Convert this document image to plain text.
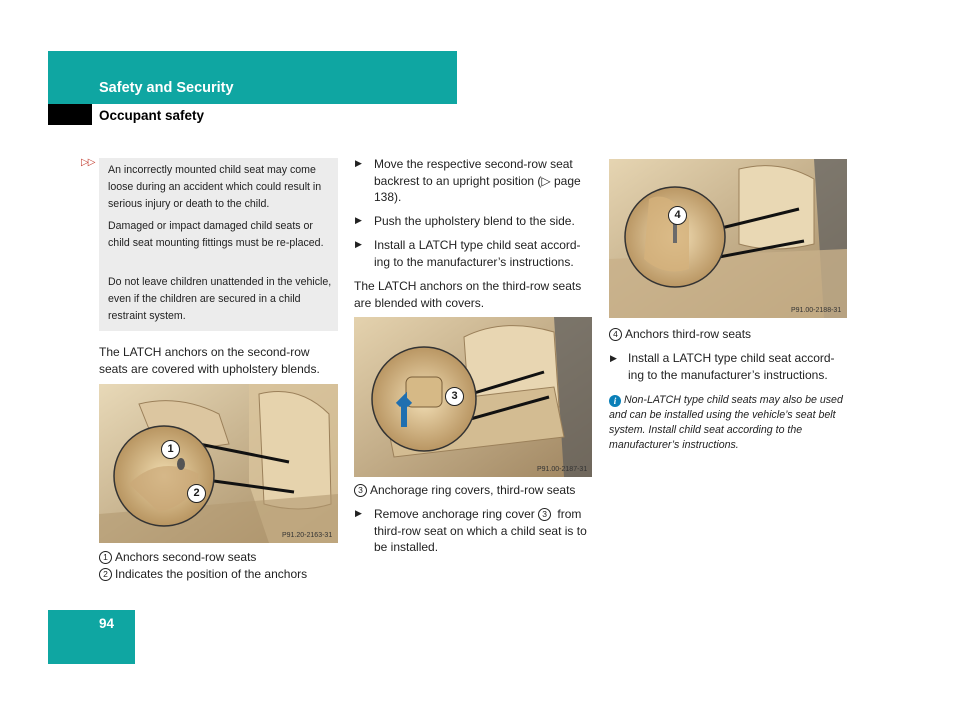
Safety and Security
Occupant safety
▷▷

An incorrectly mounted child seat may come loose during an accident which could result in serious injury or death to the child.

Damaged or impact damaged child seats or child seat mounting fittings must be re-placed.

Do not leave children unattended in the vehicle, even if the children are secured in a child restraint system.

The LATCH anchors on the second-row seats are covered with upholstery blends.
1
2
P91.20-2163-31
1 Anchors second-row seats
2 Indicates the position of the anchors
▶ Move the respective second-row seat backrest to an upright position (▷ page 138).
▶ Push the upholstery blend to the side.
▶ Install a LATCH type child seat accord-ing to the manufacturer’s instructions.
The LATCH anchors on the third-row seats are blended with covers.
3
P91.00-2187-31
3 Anchorage ring covers, third-row seats
▶ Remove anchorage ring cover 3 from third-row seat on which a child seat is to be installed.
4
P91.00-2188-31
4 Anchors third-row seats
▶ Install a LATCH type child seat accord-ing to the manufacturer’s instructions.
i Non-LATCH type child seats may also be used and can be installed using the vehicle’s seat belt system. Install child seat according to the manufacturer’s instructions.
94
